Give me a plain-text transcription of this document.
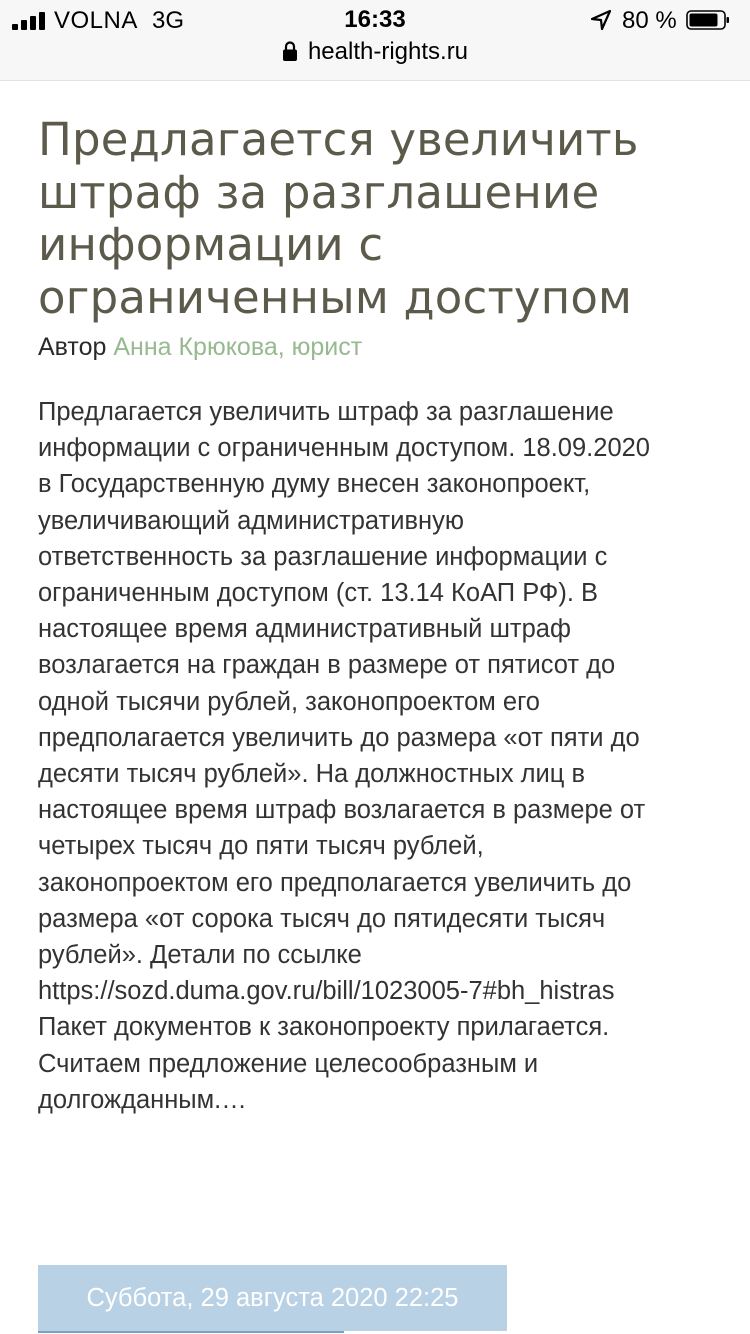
VOLNA 3G	16:33	80 %
health-rights.ru
Предлагается увеличить штраф за разглашение информации с ограниченным доступом
Автор Анна Крюкова, юрист
Предлагается увеличить штраф за разглашение
информации с ограниченным доступом. 18.09.2020
в Государственную думу внесен законопроект,
увеличивающий административную
ответственность за разглашение информации с
ограниченным доступом (ст. 13.14 КоАП РФ). В
настоящее время административный штраф
возлагается на граждан в размере от пятисот до
одной тысячи рублей, законопроектом его
предполагается увеличить до размера «от пяти до
десяти тысяч рублей». На должностных лиц в
настоящее время штраф возлагается в размере от
четырех тысяч до пяти тысяч рублей,
законопроектом его предполагается увеличить до
размера «от сорока тысяч до пятидесяти тысяч
рублей». Детали по ссылке
https://sozd.duma.gov.ru/bill/1023005-7#bh_histras
Пакет документов к законопроекту прилагается.
Считаем предложение целесообразным и
долгожданным.…
Суббота, 29 августа 2020 22:25
